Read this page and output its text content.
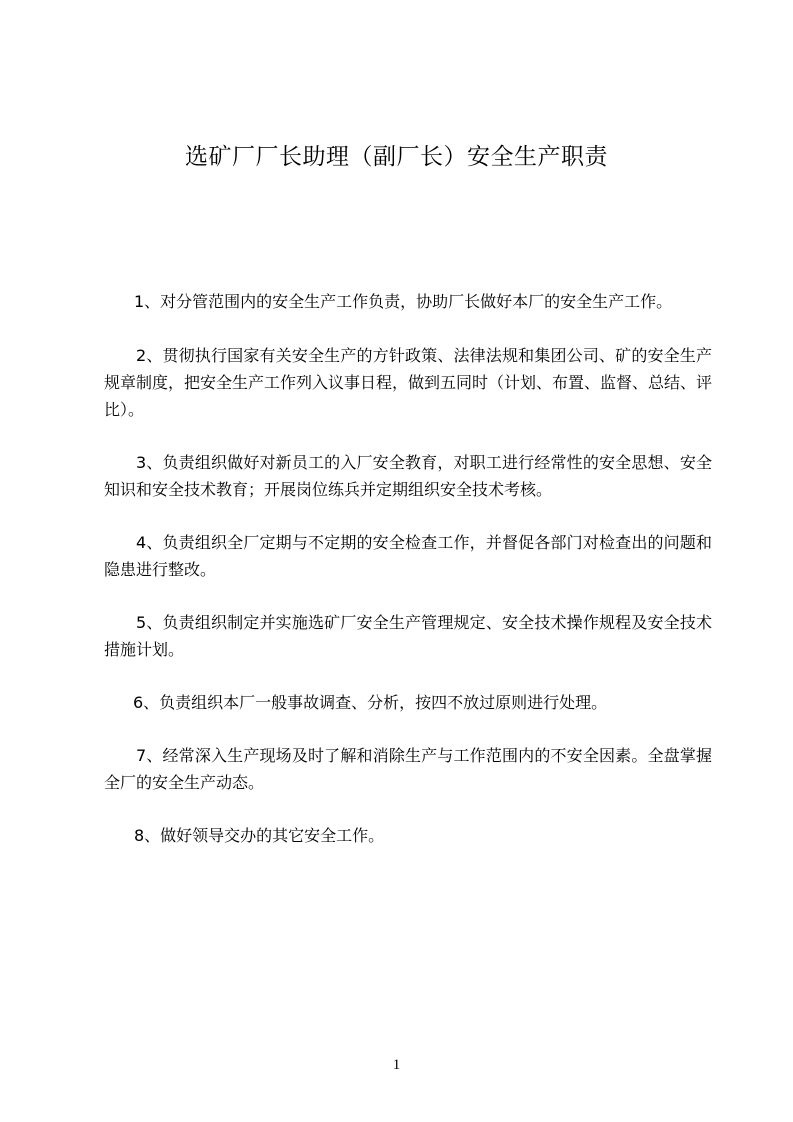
选矿厂厂长助理（副厂长）安全生产职责
1、对分管范围内的安全生产工作负责，协助厂长做好本厂的安全生产工作。
2、贯彻执行国家有关安全生产的方针政策、法律法规和集团公司、矿的安全生产规章制度，把安全生产工作列入议事日程，做到五同时（计划、布置、监督、总结、评比）。
3、负责组织做好对新员工的入厂安全教育，对职工进行经常性的安全思想、安全知识和安全技术教育；开展岗位练兵并定期组织安全技术考核。
4、负责组织全厂定期与不定期的安全检查工作，并督促各部门对检查出的问题和隐患进行整改。
5、负责组织制定并实施选矿厂安全生产管理规定、安全技术操作规程及安全技术措施计划。
6、负责组织本厂一般事故调查、分析，按四不放过原则进行处理。
7、经常深入生产现场及时了解和消除生产与工作范围内的不安全因素。全盘掌握全厂的安全生产动态。
8、做好领导交办的其它安全工作。
1
